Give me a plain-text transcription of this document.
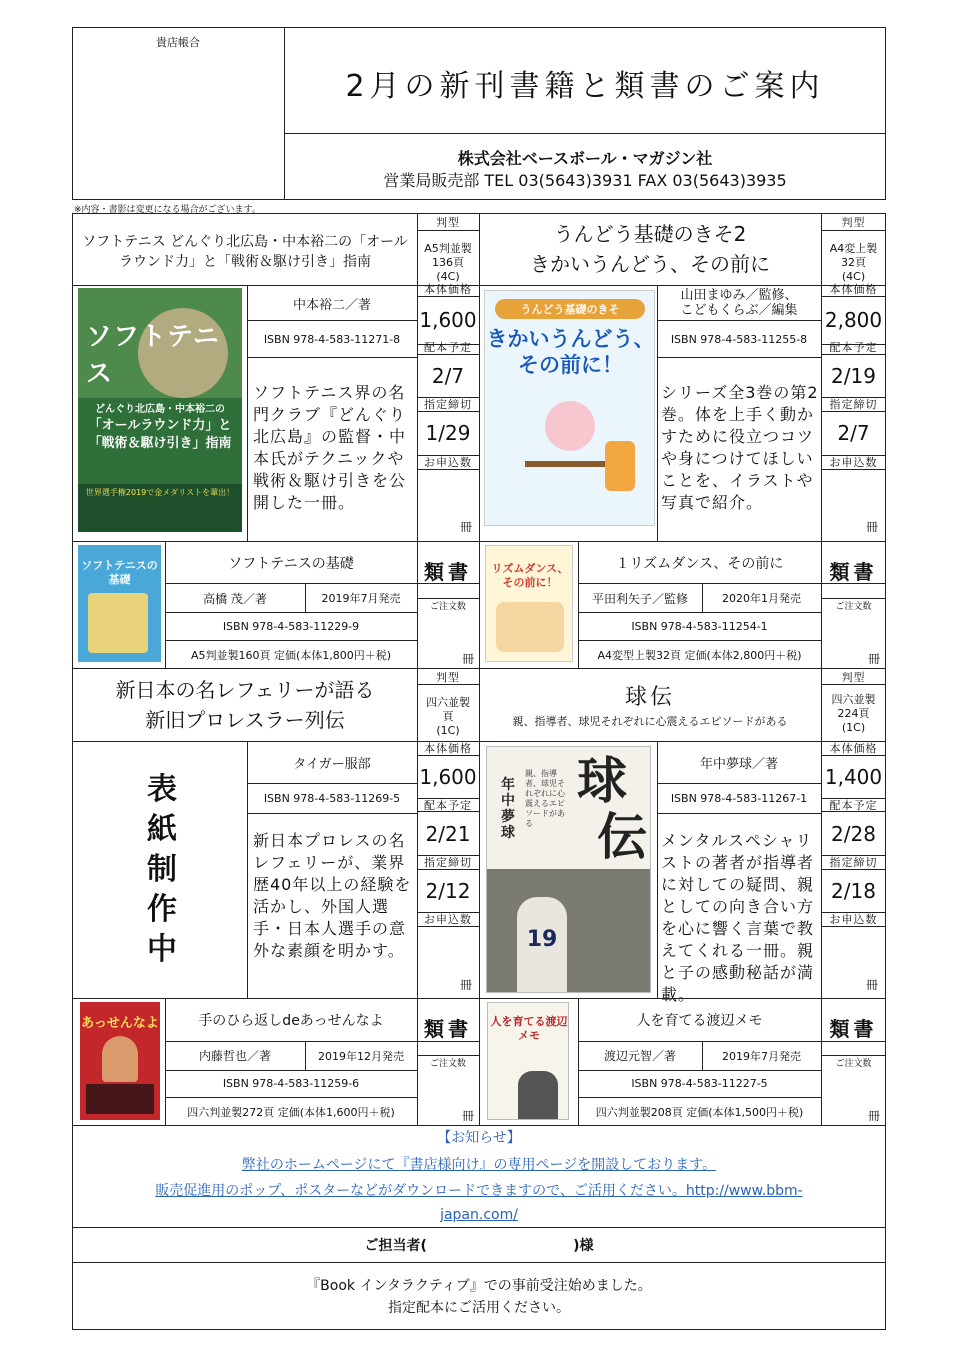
貴店帳合
2月の新刊書籍と類書のご案内
株式会社ベースボール・マガジン社
営業局販売部 TEL 03(5643)3931 FAX 03(5643)3935
※内容・書影は変更になる場合がございます。
ソフトテニス どんぐり北広島・中本裕二の「オールラウンド力」と「戦術＆駆け引き」指南
判型
A5判並製
136頁
(4C)
本体価格
1,600
配本予定
2/7
指定締切
1/29
お申込数
冊
中本裕二／著
ISBN 978-4-583-11271-8
ソフトテニス界の名門クラブ『どんぐり北広島』の監督・中本氏がテクニックや戦術＆駆け引きを公開した一冊。
ソフトテニス
どんぐり北広島・中本裕二の
「オールラウンド力」と
「戦術＆駆け引き」指南
世界選手権2019で金メダリストを輩出！
ソフトテニスの基礎
ソフトテニスの基礎
高橋 茂／著	2019年7月発売
ISBN 978-4-583-11229-9
A5判並製160頁 定価(本体1,800円＋税)
類書
ご注文数
冊
うんどう基礎のきそ2
きかいうんどう、その前に
判型
A4変上製
32頁
(4C)
本体価格
2,800
配本予定
2/19
指定締切
2/7
お申込数
冊
山田まゆみ／監修、
こどもくらぶ／編集
ISBN 978-4-583-11255-8
シリーズ全3巻の第2巻。体を上手く動かすために役立つコツや身につけてほしいことを、イラストや写真で紹介。
うんどう基礎のきそ
きかいうんどう、
その前に！
リズムダンス、その前に！
１リズムダンス、その前に
平田利矢子／監修	2020年1月発売
ISBN 978-4-583-11254-1
A4変型上製32頁 定価(本体2,800円＋税)
類書
ご注文数
冊
新日本の名レフェリーが語る
新旧プロレスラー列伝
判型
四六並製
頁
(1C)
本体価格
1,600
配本予定
2/21
指定締切
2/12
お申込数
冊
タイガー服部
ISBN 978-4-583-11269-5
新日本プロレスの名レフェリーが、業界歴40年以上の経験を活かし、外国人選手・日本人選手の意外な素顔を明かす。
表
紙
制
作
中
あっせんなよ	手のひら返しdeあっせんなよ
内藤哲也／著	2019年12月発売
ISBN 978-4-583-11259-6
四六判並製272頁 定価(本体1,600円＋税)
類書
ご注文数
冊
球伝
親、指導者、球児それぞれに心震えるエピソードがある
判型
四六並製
224頁
(1C)
本体価格
1,400
配本予定
2/28
指定締切
2/18
お申込数
冊
年中夢球／著
ISBN 978-4-583-11267-1
メンタルスペシャリストの著者が指導者に対しての疑問、親としての向き合い方を心に響く言葉で教えてくれる一冊。親と子の感動秘話が満載。
球
伝
年中夢球
親、指導者、球児それぞれに心震えるエピソードがある
19
人を育てる渡辺メモ
人を育てる渡辺メモ
渡辺元智／著	2019年7月発売
ISBN 978-4-583-11227-5
四六判並製208頁 定価(本体1,500円＋税)
類書
ご注文数
冊
【お知らせ】
弊社のホームページにて『書店様向け』の専用ページを開設しております。
販売促進用のポップ、ポスターなどがダウンロードできますので、ご活用ください。http://www.bbm-
japan.com/
ご担当者(                              )様
『Book インタラクティブ』での事前受注始めました。
指定配本にご活用ください。
